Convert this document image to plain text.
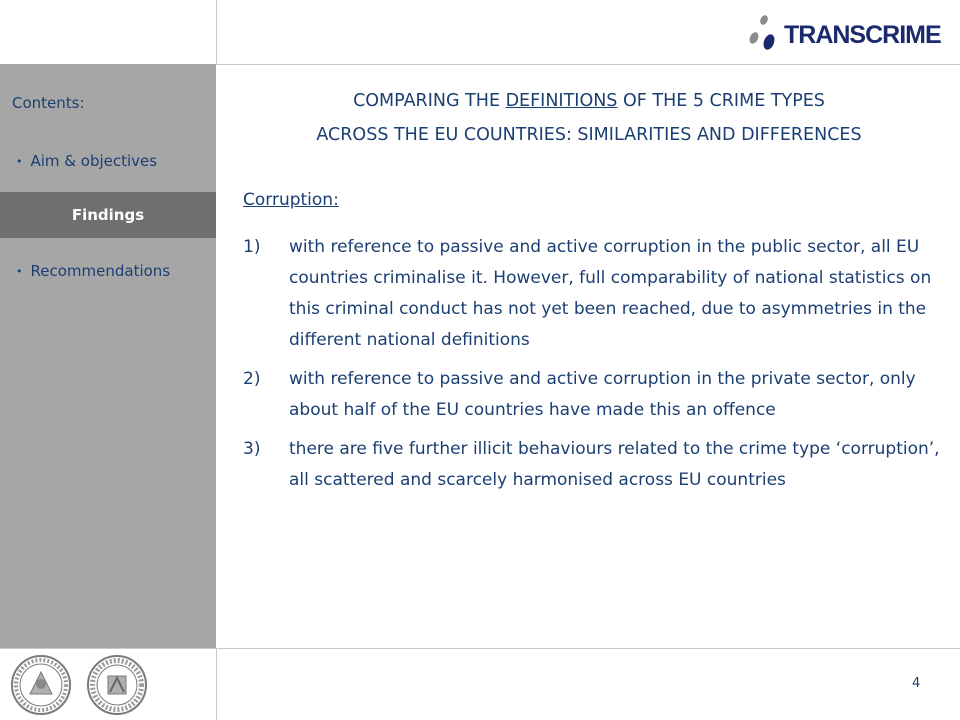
TRANSCRIME
Contents:
• Aim & objectives
Findings
• Recommendations
COMPARING THE DEFINITIONS OF THE 5 CRIME TYPES
ACROSS THE EU COUNTRIES: SIMILARITIES AND DIFFERENCES
Corruption:
1)	with reference to passive and active corruption in the public sector, all EU countries criminalise it. However, full comparability of national statistics on this criminal conduct has not yet been reached, due to asymmetries in the different national definitions
2)	with reference to passive and active corruption in the private sector, only about half of the EU countries have made this an offence
3)	there are five further illicit behaviours related to the crime type ‘corruption’, all scattered and scarcely harmonised across EU countries
4
